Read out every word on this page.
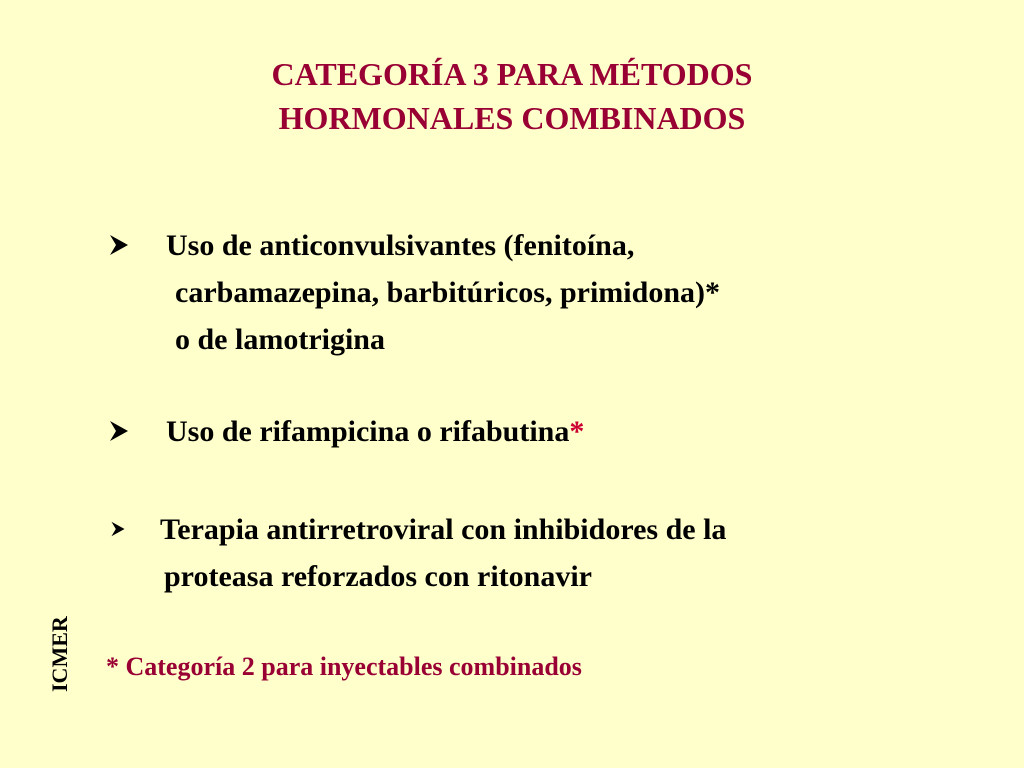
CATEGORÍA 3 PARA MÉTODOS
HORMONALES COMBINADOS
Uso de anticonvulsivantes (fenitoína,
carbamazepina, barbitúricos, primidona)*
o de lamotrigina
Uso de rifampicina o rifabutina*
Terapia antirretroviral con inhibidores de la
proteasa reforzados con ritonavir
* Categoría 2 para inyectables combinados
ICMER
